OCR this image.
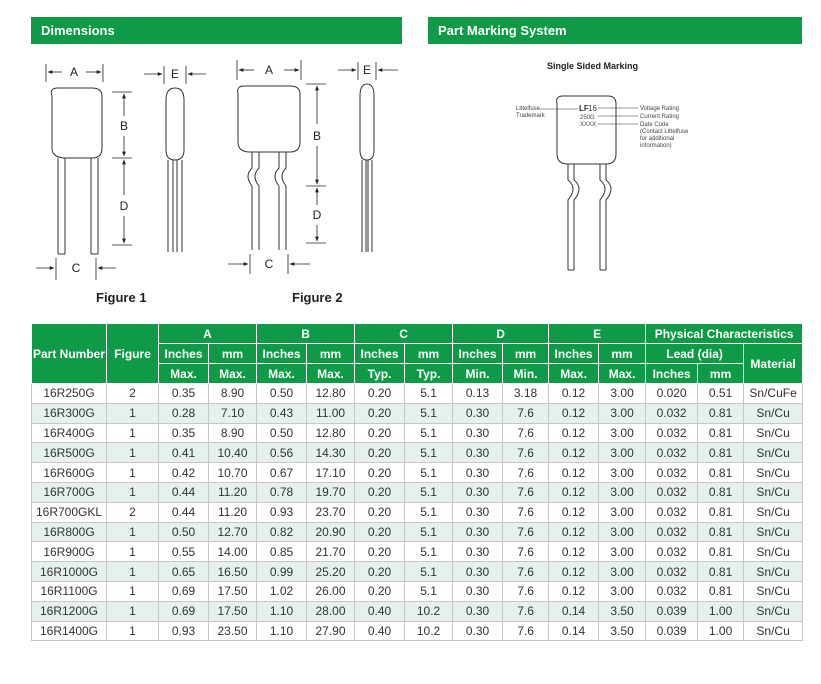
Dimensions	Part Marking System
A
B
D
C
E	A
B
D
C
E
Figure 1	Figure 2
Single Sided Marking
Littelfuse
Trademark
LF 16
250G
XXXX
Voltage Rating
Current Rating
Date Code
(Contact Littelfuse
for additional
information)
Part Number	Figure	A		B		C		D		E		Physical Characteristics		
		Inches	mm	Inches	mm	Inches	mm	Inches	mm	Inches	mm	Lead (dia)		Material
		Max.	Max.	Max.	Max.	Typ.	Typ.	Min.	Min.	Max.	Max.	Inches	mm	
16R250G	2	0.35	8.90	0.50	12.80	0.20	5.1	0.13	3.18	0.12	3.00	0.020	0.51	Sn/CuFe
16R300G	1	0.28	7.10	0.43	11.00	0.20	5.1	0.30	7.6	0.12	3.00	0.032	0.81	Sn/Cu
16R400G	1	0.35	8.90	0.50	12.80	0.20	5.1	0.30	7.6	0.12	3.00	0.032	0.81	Sn/Cu
16R500G	1	0.41	10.40	0.56	14.30	0.20	5.1	0.30	7.6	0.12	3.00	0.032	0.81	Sn/Cu
16R600G	1	0.42	10.70	0.67	17.10	0.20	5.1	0.30	7.6	0.12	3.00	0.032	0.81	Sn/Cu
16R700G	1	0.44	11.20	0.78	19.70	0.20	5.1	0.30	7.6	0.12	3.00	0.032	0.81	Sn/Cu
16R700GKL	2	0.44	11.20	0.93	23.70	0.20	5.1	0.30	7.6	0.12	3.00	0.032	0.81	Sn/Cu
16R800G	1	0.50	12.70	0.82	20.90	0.20	5.1	0.30	7.6	0.12	3.00	0.032	0.81	Sn/Cu
16R900G	1	0.55	14.00	0.85	21.70	0.20	5.1	0.30	7.6	0.12	3.00	0.032	0.81	Sn/Cu
16R1000G	1	0.65	16.50	0.99	25.20	0.20	5.1	0.30	7.6	0.12	3.00	0.032	0.81	Sn/Cu
16R1100G	1	0.69	17.50	1.02	26.00	0.20	5.1	0.30	7.6	0.12	3.00	0.032	0.81	Sn/Cu
16R1200G	1	0.69	17.50	1.10	28.00	0.40	10.2	0.30	7.6	0.14	3.50	0.039	1.00	Sn/Cu
16R1400G	1	0.93	23.50	1.10	27.90	0.40	10.2	0.30	7.6	0.14	3.50	0.039	1.00	Sn/Cu
